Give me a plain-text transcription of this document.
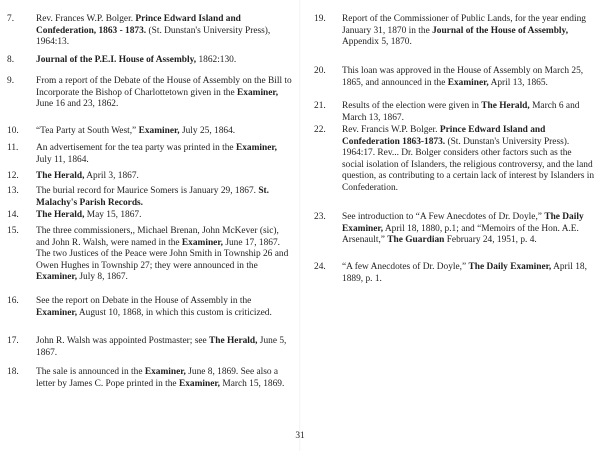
7. Rev. Frances W.P. Bolger. Prince Edward Island and Confederation, 1863 - 1873. (St. Dunstan's University Press), 1964:13.
8. Journal of the P.E.I. House of Assembly, 1862:130.
9. From a report of the Debate of the House of Assembly on the Bill to Incorporate the Bishop of Charlottetown given in the Examiner, June 16 and 23, 1862.
10. “Tea Party at South West,” Examiner, July 25, 1864.
11. An advertisement for the tea party was printed in the Examiner, July 11, 1864.
12. The Herald, April 3, 1867.
13. The burial record for Maurice Somers is January 29, 1867. St. Malachy's Parish Records.
14. The Herald, May 15, 1867.
15. The three commissioners,, Michael Brenan, John McKever (sic), and John R. Walsh, were named in the Examiner, June 17, 1867. The two Justices of the Peace were John Smith in Township 26 and Owen Hughes in Township 27; they were announced in the Examiner, July 8, 1867.
16. See the report on Debate in the House of Assembly in the Examiner, August 10, 1868, in which this custom is criticized.
17. John R. Walsh was appointed Postmaster; see The Herald, June 5, 1867.
18. The sale is announced in the Examiner, June 8, 1869. See also a letter by James C. Pope printed in the Examiner, March 15, 1869.
19. Report of the Commissioner of Public Lands, for the year ending January 31, 1870 in the Journal of the House of Assembly, Appendix 5, 1870.
20. This loan was approved in the House of Assembly on March 25, 1865, and announced in the Examiner, April 13, 1865.
21. Results of the election were given in The Herald, March 6 and March 13, 1867.
22. Rev. Francis W.P. Bolger. Prince Edward Island and Confederation 1863-1873. (St. Dunstan's University Press). 1964:17. Rev... Dr. Bolger considers other factors such as the social isolation of Islanders, the religious controversy, and the land question, as contributing to a certain lack of interest by Islanders in Confederation.
23. See introduction to “A Few Anecdotes of Dr. Doyle,” The Daily Examiner, April 18, 1880, p.1; and “Memoirs of the Hon. A.E. Arsenault,” The Guardian February 24, 1951, p. 4.
24. “A few Anecdotes of Dr. Doyle,” The Daily Examiner, April 18, 1889, p. 1.
31
